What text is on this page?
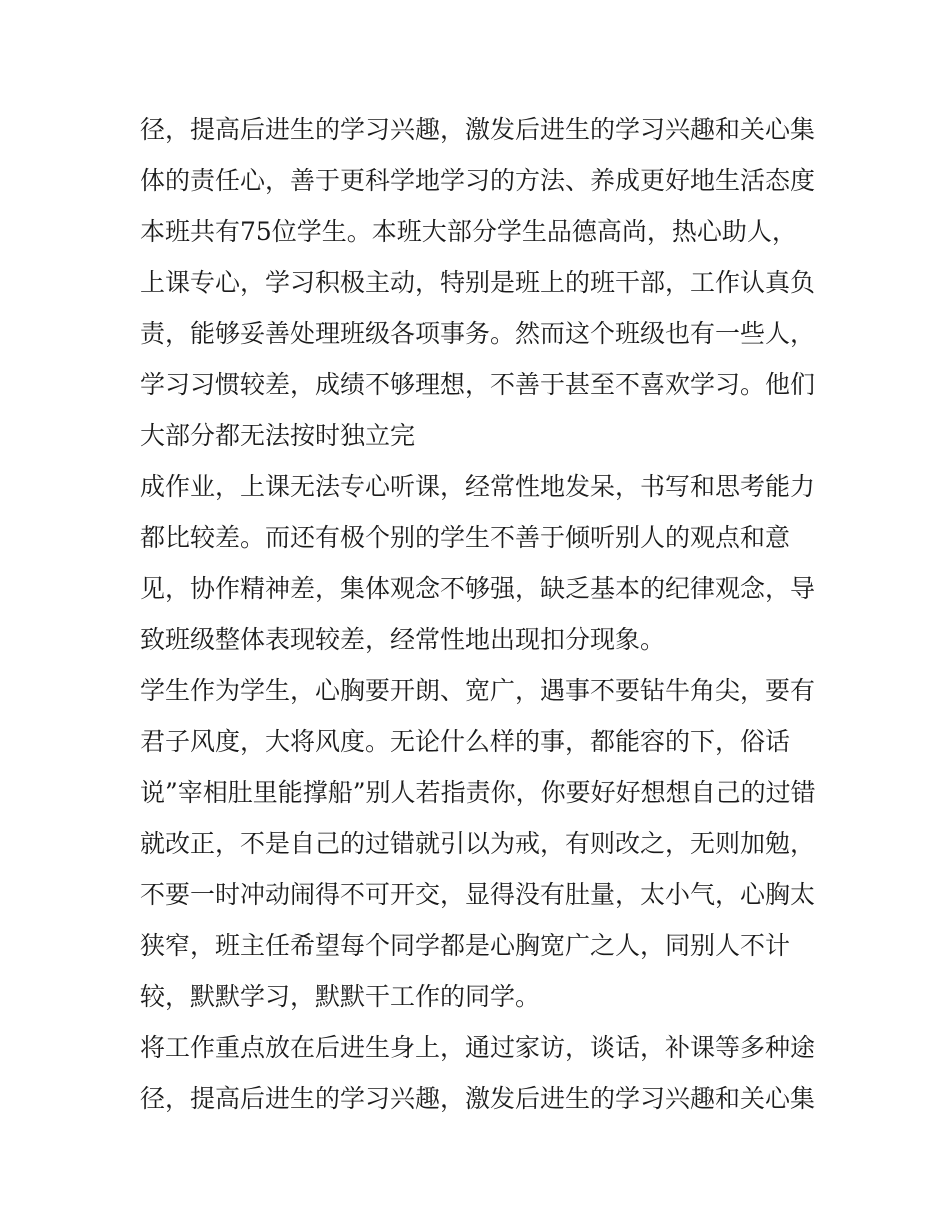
径，提高后进生的学习兴趣，激发后进生的学习兴趣和关心集
体的责任心，善于更科学地学习的方法、养成更好地生活态度
本班共有75位学生。本班大部分学生品德高尚，热心助人，
上课专心，学习积极主动，特别是班上的班干部，工作认真负
责，能够妥善处理班级各项事务。然而这个班级也有一些人，
学习习惯较差，成绩不够理想，不善于甚至不喜欢学习。他们
大部分都无法按时独立完
成作业，上课无法专心听课，经常性地发呆，书写和思考能力
都比较差。而还有极个别的学生不善于倾听别人的观点和意
见，协作精神差，集体观念不够强，缺乏基本的纪律观念，导
致班级整体表现较差，经常性地出现扣分现象。
学生作为学生，心胸要开朗、宽广，遇事不要钻牛角尖，要有
君子风度，大将风度。无论什么样的事，都能容的下，俗话
说”宰相肚里能撑船”别人若指责你，你要好好想想自己的过错
就改正，不是自己的过错就引以为戒，有则改之，无则加勉，
不要一时冲动闹得不可开交，显得没有肚量，太小气，心胸太
狭窄，班主任希望每个同学都是心胸宽广之人，同别人不计
较，默默学习，默默干工作的同学。
将工作重点放在后进生身上，通过家访，谈话，补课等多种途
径，提高后进生的学习兴趣，激发后进生的学习兴趣和关心集
